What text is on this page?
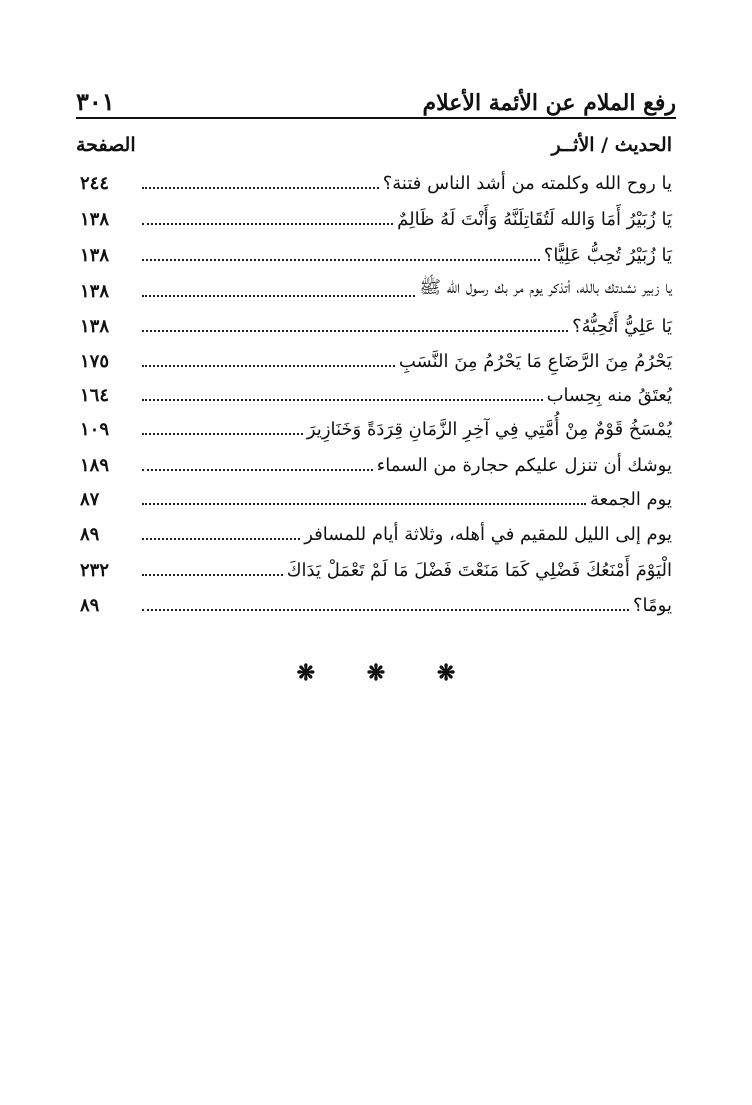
٣٠١	رفع الملام عن الأئمة الأعلام
الصفحة	الحديث / الأثــر
يا روح الله وكلمته من أشد الناس فتنة؟
٢٤٤
يَا زُبَيْرُ أَمَا وَالله لَتُقَاتِلَنَّهُ وَأَنْتَ لَهُ ظَالِمٌ
١٣٨
يَا زُبَيْرُ تُحِبُّ عَلِيًّا؟
١٣٨
يا زبير نشدتك بالله، أتذكر يوم مر بك رسول الله ﷺ
١٣٨
يَا عَلِيُّ أَتُحِبُّهُ؟
١٣٨
يَحْرُمُ مِنَ الرَّضَاعِ مَا يَحْرُمُ مِنَ النَّسَبِ
١٧٥
يُعتَقُ منه بِحِساب
١٦٤
يُمْسَخُ قَوْمٌ مِنْ أُمَّتِي فِي آخِرِ الزَّمَانِ قِرَدَةً وَخَنَازِيرَ
١٠٩
يوشك أن تنزل عليكم حجارة من السماء
١٨٩
يوم الجمعة
٨٧
يوم إلى الليل للمقيم في أهله، وثلاثة أيام للمسافر
٨٩
الْيَوْمَ أَمْنَعُكَ فَضْلِي كَمَا مَنَعْتَ فَضْلَ مَا لَمْ تَعْمَلْ يَدَاكَ
٢٣٢
يومًا؟
٨٩
❋ ❋ ❋
